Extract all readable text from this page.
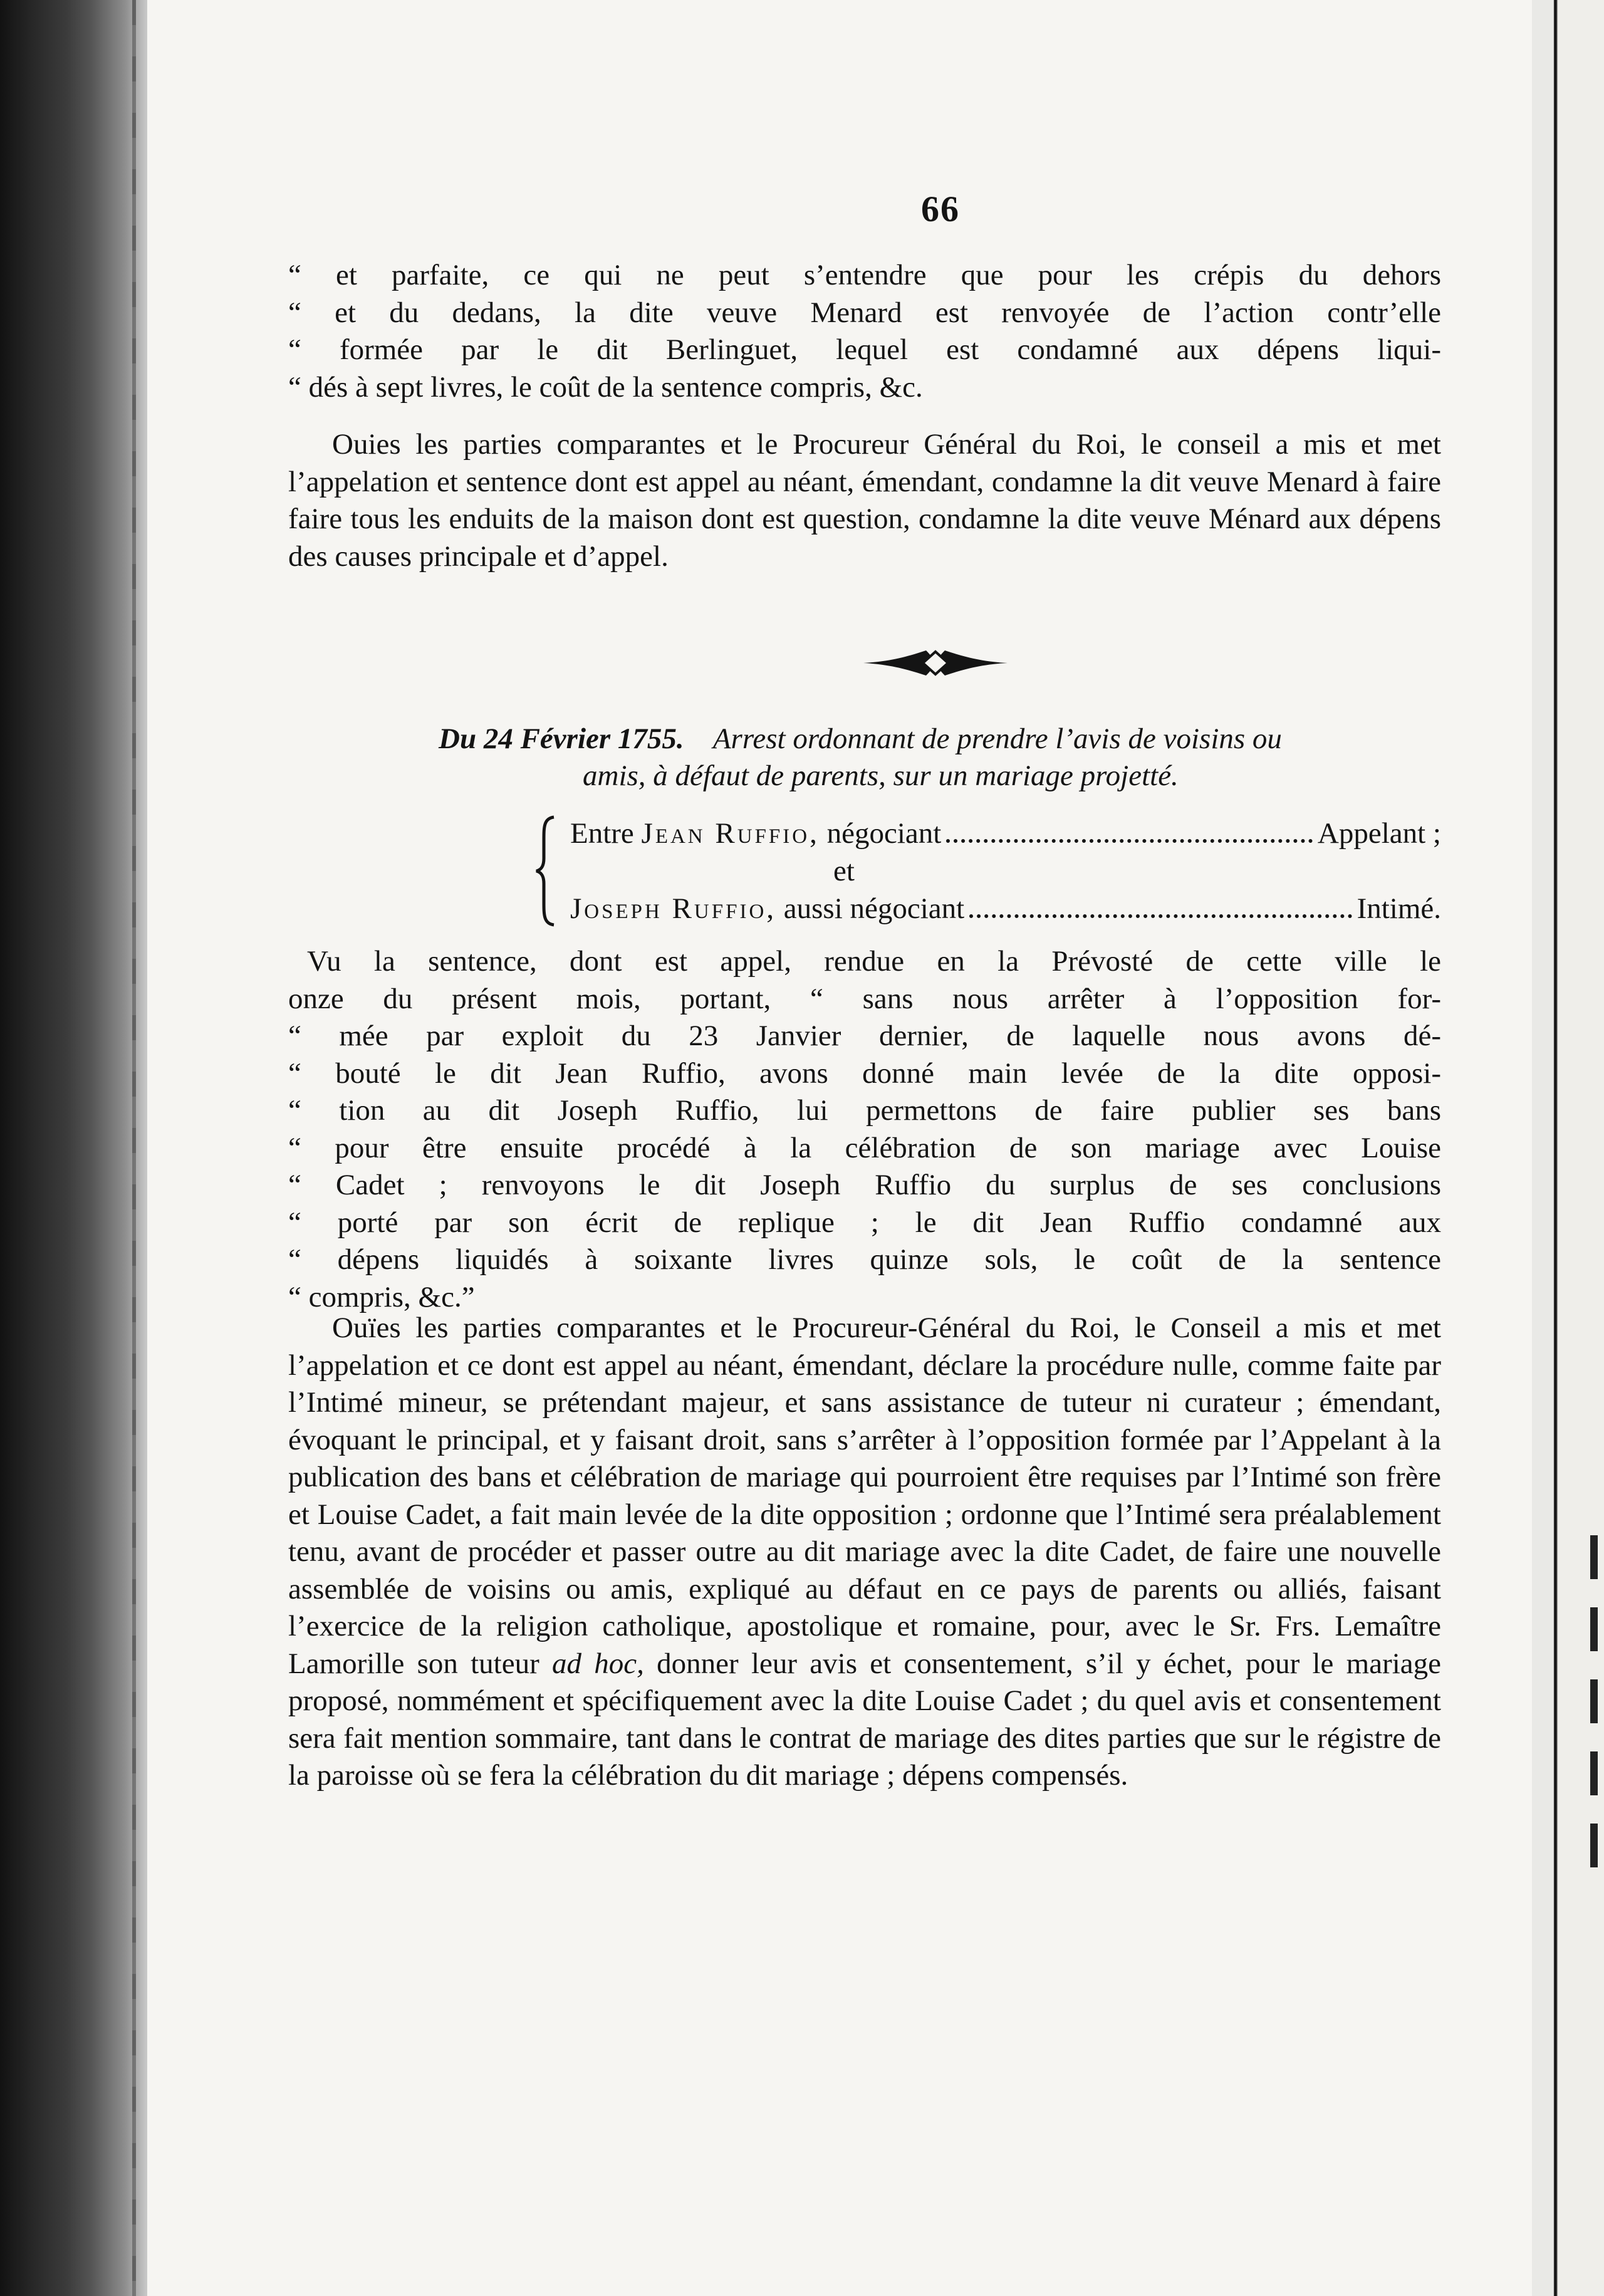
66
“ et parfaite, ce qui ne peut s’entendre que pour les crépis du dehors
“ et du dedans, la dite veuve Menard est renvoyée de l’action contr’elle
“ formée par le dit Berlinguet, lequel est condamné aux dépens liqui-
“ dés à sept livres, le coût de la sentence compris, &c.
Ouies les parties comparantes et le Procureur Général du Roi, le conseil a mis et met l’appelation et sentence dont est appel au néant, émendant, condamne la dit veuve Menard à faire faire tous les enduits de la maison dont est question, condamne la dite veuve Ménard aux dépens des causes principale et d’appel.
Du 24 Février 1755. Arrest ordonnant de prendre l’avis de voisins ou
amis, à défaut de parents, sur un mariage projetté.
Entre Jean Ruffio, négociant	Appelant ;
et
Joseph Ruffio, aussi négociant	Intimé.
Vu la sentence, dont est appel, rendue en la Prévosté de cette ville le
onze du présent mois, portant, “ sans nous arrêter à l’opposition for-
“ mée par exploit du 23 Janvier dernier, de laquelle nous avons dé-
“ bouté le dit Jean Ruffio, avons donné main levée de la dite opposi-
“ tion au dit Joseph Ruffio, lui permettons de faire publier ses bans
“ pour être ensuite procédé à la célébration de son mariage avec Louise
“ Cadet ; renvoyons le dit Joseph Ruffio du surplus de ses conclusions
“ porté par son écrit de replique ; le dit Jean Ruffio condamné aux
“ dépens liquidés à soixante livres quinze sols, le coût de la sentence
“ compris, &c.”
Ouïes les parties comparantes et le Procureur-Général du Roi, le Conseil a mis et met l’appelation et ce dont est appel au néant, émendant, déclare la procédure nulle, comme faite par l’Intimé mineur, se prétendant majeur, et sans assistance de tuteur ni curateur ; émendant, évoquant le principal, et y faisant droit, sans s’arrêter à l’opposition formée par l’Appelant à la publication des bans et célébration de mariage qui pourroient être requises par l’Intimé son frère et Louise Cadet, a fait main levée de la dite opposition ; ordonne que l’Intimé sera préalablement tenu, avant de procéder et passer outre au dit mariage avec la dite Cadet, de faire une nouvelle assemblée de voisins ou amis, expliqué au défaut en ce pays de parents ou alliés, faisant l’exercice de la religion catholique, apostolique et romaine, pour, avec le Sr. Frs. Lemaître Lamorille son tuteur ad hoc, donner leur avis et consentement, s’il y échet, pour le mariage proposé, nommément et spécifiquement avec la dite Louise Cadet ; du quel avis et consentement sera fait mention sommaire, tant dans le contrat de mariage des dites parties que sur le régistre de la paroisse où se fera la célébration du dit mariage ; dépens compensés.
